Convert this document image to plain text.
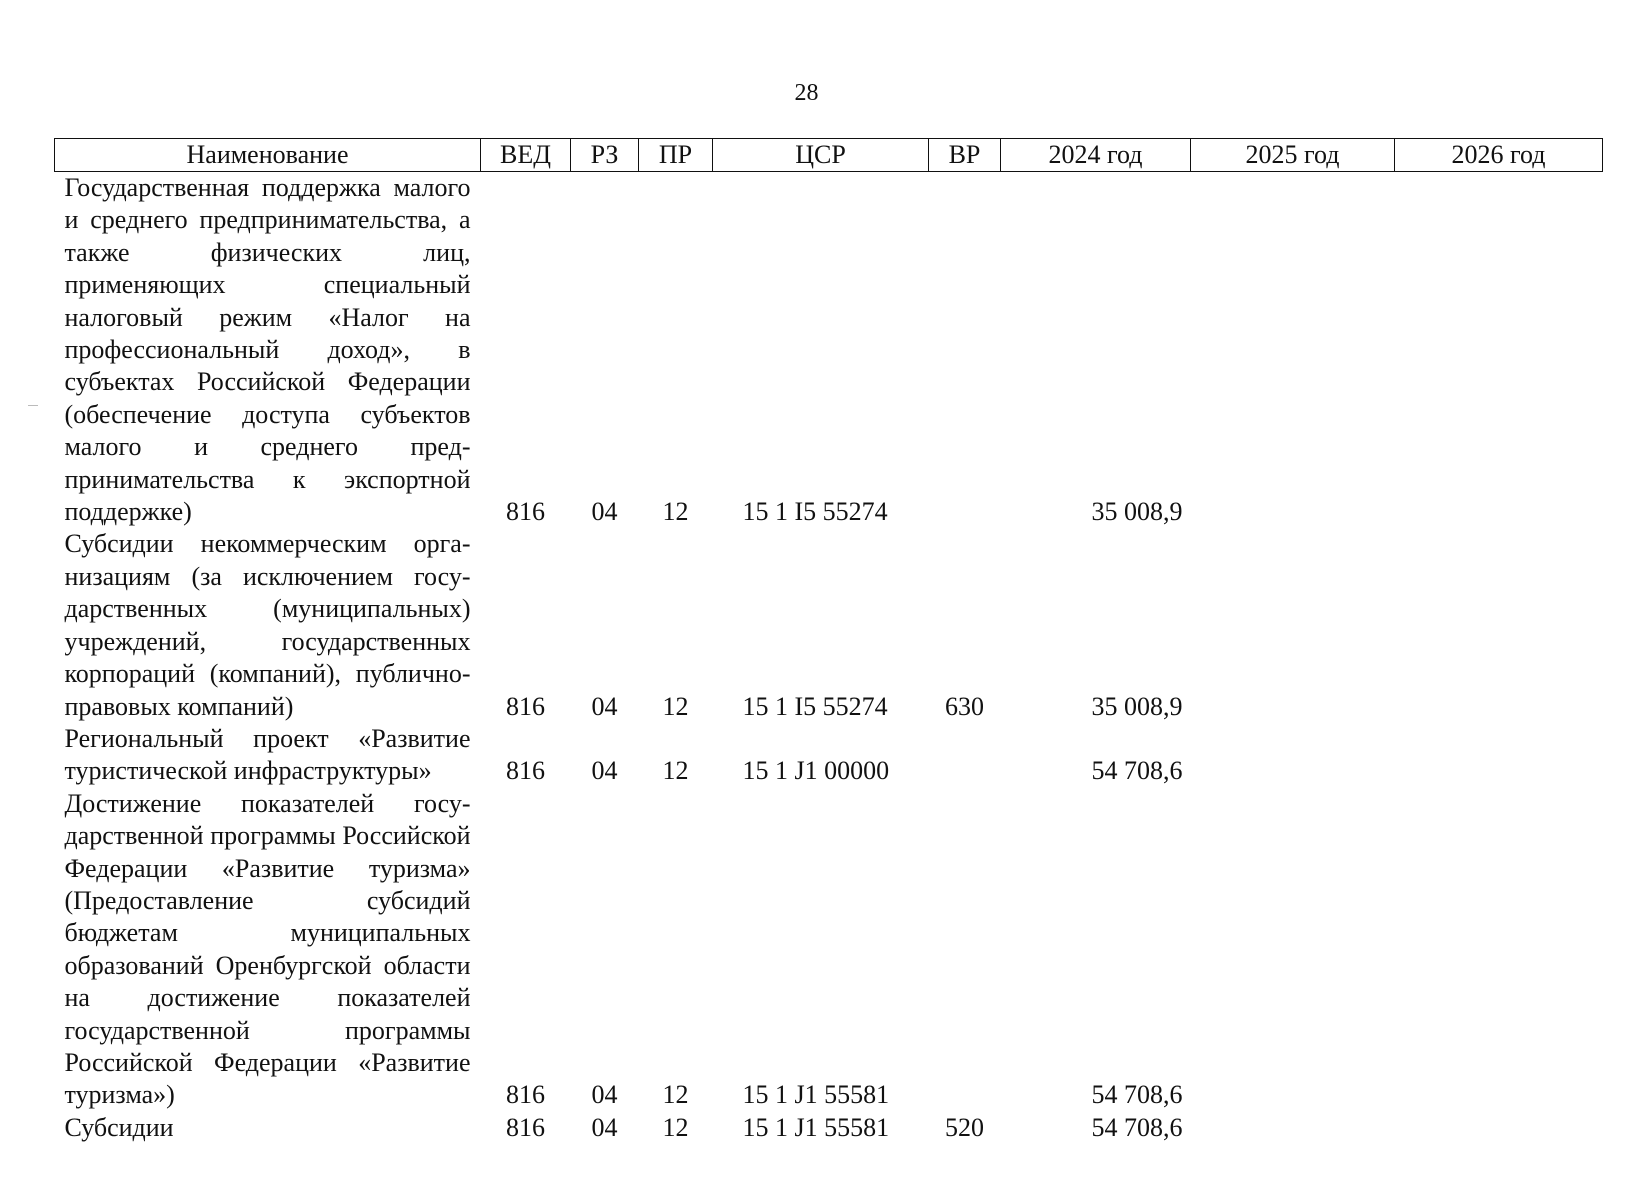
28
Наименование	ВЕД	РЗ	ПР	ЦСР	ВР	2024 год	2025 год	2026 год
Государственная поддержка малого и среднего предпринимательства, а также физических лиц, применяющих специальный налоговый режим «Налог на профессиональный доход», в субъектах Российской Федерации (обеспечение доступа субъектов малого и среднего предпринимательства к экспортной поддержке)	816	04	12	15 1 I5 55274		35 008,9		
Субсидии некоммерческим организациям (за исключением государственных (муниципальных) учреждений, государственных корпораций (компаний), публично-правовых компаний)	816	04	12	15 1 I5 55274	630	35 008,9		
Региональный проект «Развитие туристической инфраструктуры»	816	04	12	15 1 J1 00000		54 708,6		
Достижение показателей государственной программы Российской Федерации «Развитие туризма» (Предоставление субсидий бюджетам муниципальных образований Оренбургской области на достижение показателей государственной программы Российской Федерации «Развитие туризма»)	816	04	12	15 1 J1 55581		54 708,6		
Субсидии	816	04	12	15 1 J1 55581	520	54 708,6		
